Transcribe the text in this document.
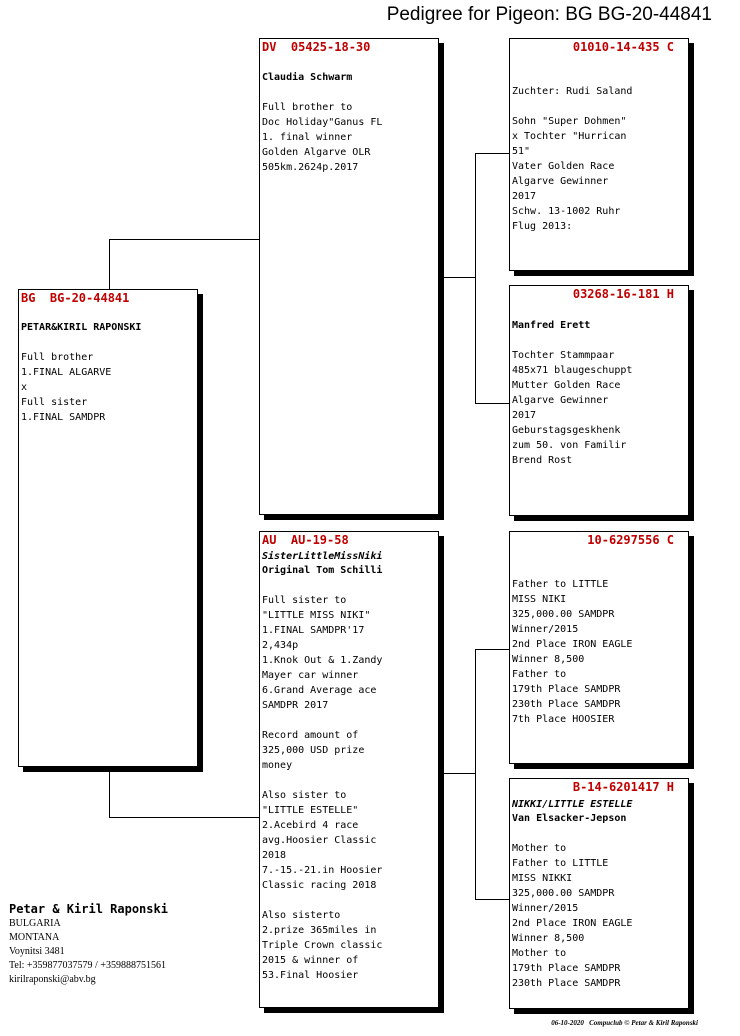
Pedigree for Pigeon: BG BG-20-44841
BG  BG-20-44841
PETAR&KIRIL RAPONSKI

Full brother
1.FINAL ALGARVE
x
Full sister
1.FINAL SAMDPR
DV  05425-18-30
Claudia Schwarm

Full brother to
Doc Holiday"Ganus FL
1. final winner
Golden Algarve OLR
505km.2624p.2017
AU  AU-19-58
SisterLittleMissNiki
Original Tom Schilli

Full sister to
"LITTLE MISS NIKI"
1.FINAL SAMDPR'17
2,434p
1.Knok Out & 1.Zandy
Mayer car winner
6.Grand Average ace
SAMDPR 2017

Record amount of
325,000 USD prize
money

Also sister to
"LITTLE ESTELLE"
2.Acebird 4 race
avg.Hoosier Classic
2018
7.-15.-21.in Hoosier
Classic racing 2018

Also sisterto
2.prize 365miles in
Triple Crown classic
2015 & winner of
53.Final Hoosier
01010-14-435 C

Zuchter: Rudi Saland

Sohn "Super Dohmen"
x Tochter "Hurrican
51"
Vater Golden Race
Algarve Gewinner
2017
Schw. 13-1002 Ruhr
Flug 2013:
03268-16-181 H
Manfred Erett

Tochter Stammpaar
485x71 blaugeschuppt
Mutter Golden Race
Algarve Gewinner
2017
Geburstagsgeskhenk
zum 50. von Familir
Brend Rost
10-6297556 C

Father to LITTLE
MISS NIKI
325,000.00 SAMDPR
Winner/2015
2nd Place IRON EAGLE
Winner 8,500
Father to
179th Place SAMDPR
230th Place SAMDPR
7th Place HOOSIER
B-14-6201417 H
NIKKI/LITTLE ESTELLE
Van Elsacker-Jepson

Mother to
Father to LITTLE
MISS NIKKI
325,000.00 SAMDPR
Winner/2015
2nd Place IRON EAGLE
Winner 8,500
Mother to
179th Place SAMDPR
230th Place SAMDPR
Petar & Kiril Raponski
BULGARIA
MONTANA
Voynitsi 3481
Tel: +359877037579 / +359888751561
kirilraponski@abv.bg
06-10-2020   Compuclub © Petar & Kiril Raponski
